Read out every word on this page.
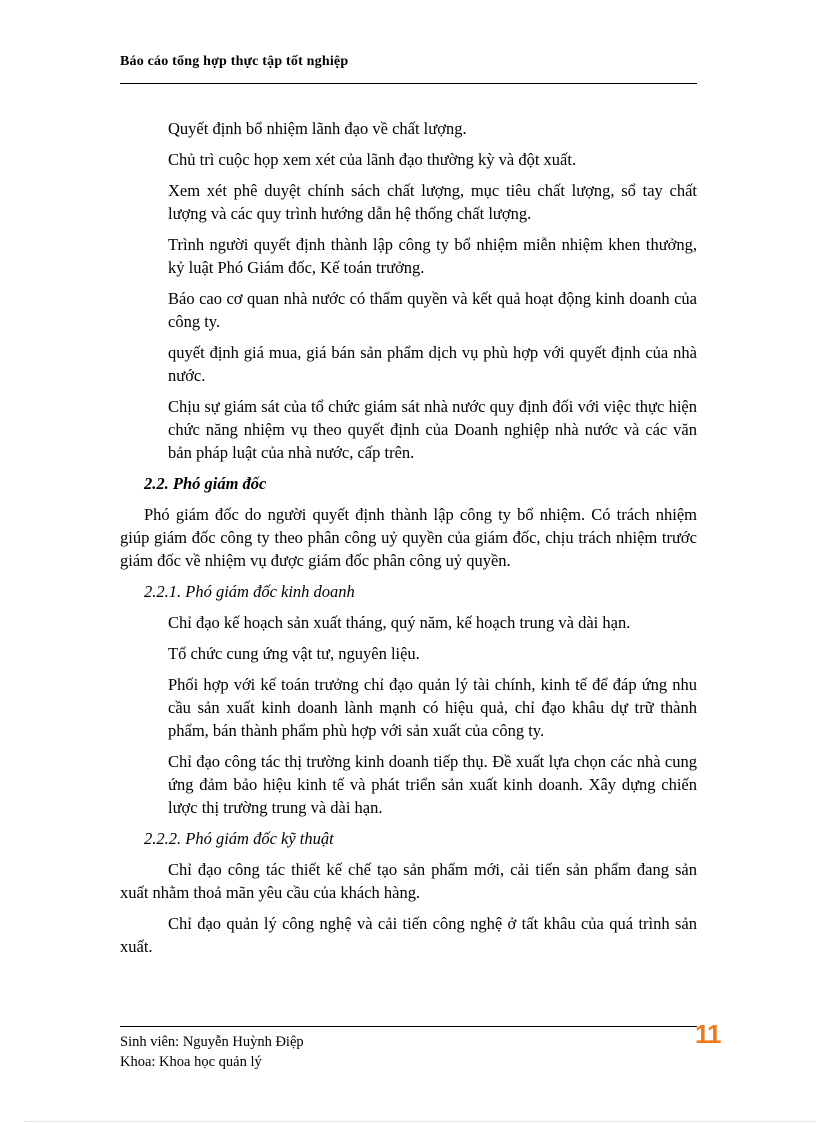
Báo cáo tổng hợp thực tập tốt nghiệp

Quyết định bổ nhiệm lãnh đạo về chất lượng.

Chủ trì cuộc họp xem xét của lãnh đạo thường kỳ và đột xuất.

Xem xét phê duyệt chính sách chất lượng, mục tiêu chất lượng, sổ tay chất lượng và các quy trình hướng dẫn hệ thống chất lượng.

Trình người quyết định thành lập công ty bổ nhiệm miễn nhiệm khen thưởng, kỷ luật Phó Giám đốc, Kế toán trưởng.

Báo cao cơ quan nhà nước có thẩm quyền và kết quả hoạt động kinh doanh của công ty.

quyết định giá mua, giá bán sản phẩm dịch vụ phù hợp với quyết định của nhà nước.

Chịu sự giám sát của tổ chức giám sát nhà nước quy định đối với việc thực hiện chức năng nhiệm vụ theo quyết định của Doanh nghiệp nhà nước và các văn bản pháp luật của nhà nước, cấp trên.

2.2. Phó giám đốc

Phó giám đốc do người quyết định thành lập công ty bổ nhiệm. Có trách nhiệm giúp giám đốc công ty theo phân công uỷ quyền của giám đốc, chịu trách nhiệm trước giám đốc về nhiệm vụ được giám đốc phân công uỷ quyền.

2.2.1. Phó giám đốc kinh doanh

Chỉ đạo kế hoạch sản xuất tháng, quý năm, kế hoạch trung và dài hạn.

Tổ chức cung ứng vật tư, nguyên liệu.

Phối hợp với kế toán trưởng chỉ đạo quản lý tài chính, kinh tế để đáp ứng nhu cầu sản xuất kinh doanh lành mạnh có hiệu quả, chỉ đạo khâu dự trữ thành phẩm, bán thành phẩm phù hợp với sản xuất của công ty.

Chỉ đạo công tác thị trường kinh doanh tiếp thụ. Đề xuất lựa chọn các nhà cung ứng đảm bảo hiệu kinh tế và phát triển sản xuất kinh doanh. Xây dựng chiến lược thị trường trung và dài hạn.

2.2.2. Phó giám đốc kỹ thuật

Chỉ đạo công tác thiết kế chế tạo sản phẩm mới, cải tiến sản phẩm đang sản xuất nhằm thoả mãn yêu cầu của khách hàng.

Chỉ đạo quản lý công nghệ và cải tiến công nghệ ở tất khâu của quá trình sản xuất.

Sinh viên: Nguyễn Huỳnh Điệp
Khoa: Khoa học quản lý
11
